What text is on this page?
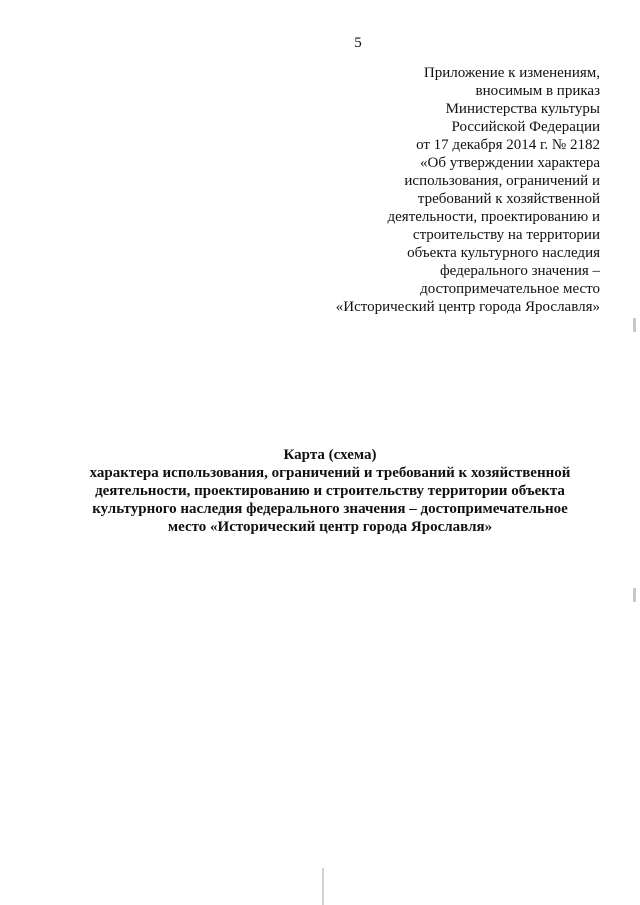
5
Приложение к изменениям,
вносимым в приказ
Министерства культуры
Российской Федерации
от 17 декабря 2014 г. № 2182
«Об утверждении характера
использования, ограничений и
требований к хозяйственной
деятельности, проектированию и
строительству на территории
объекта культурного наследия
федерального значения –
достопримечательное место
«Исторический центр города Ярославля»
Карта (схема)
характера использования, ограничений и требований к хозяйственной
деятельности, проектированию и строительству территории объекта
культурного наследия федерального значения – достопримечательное
место «Исторический центр города Ярославля»
